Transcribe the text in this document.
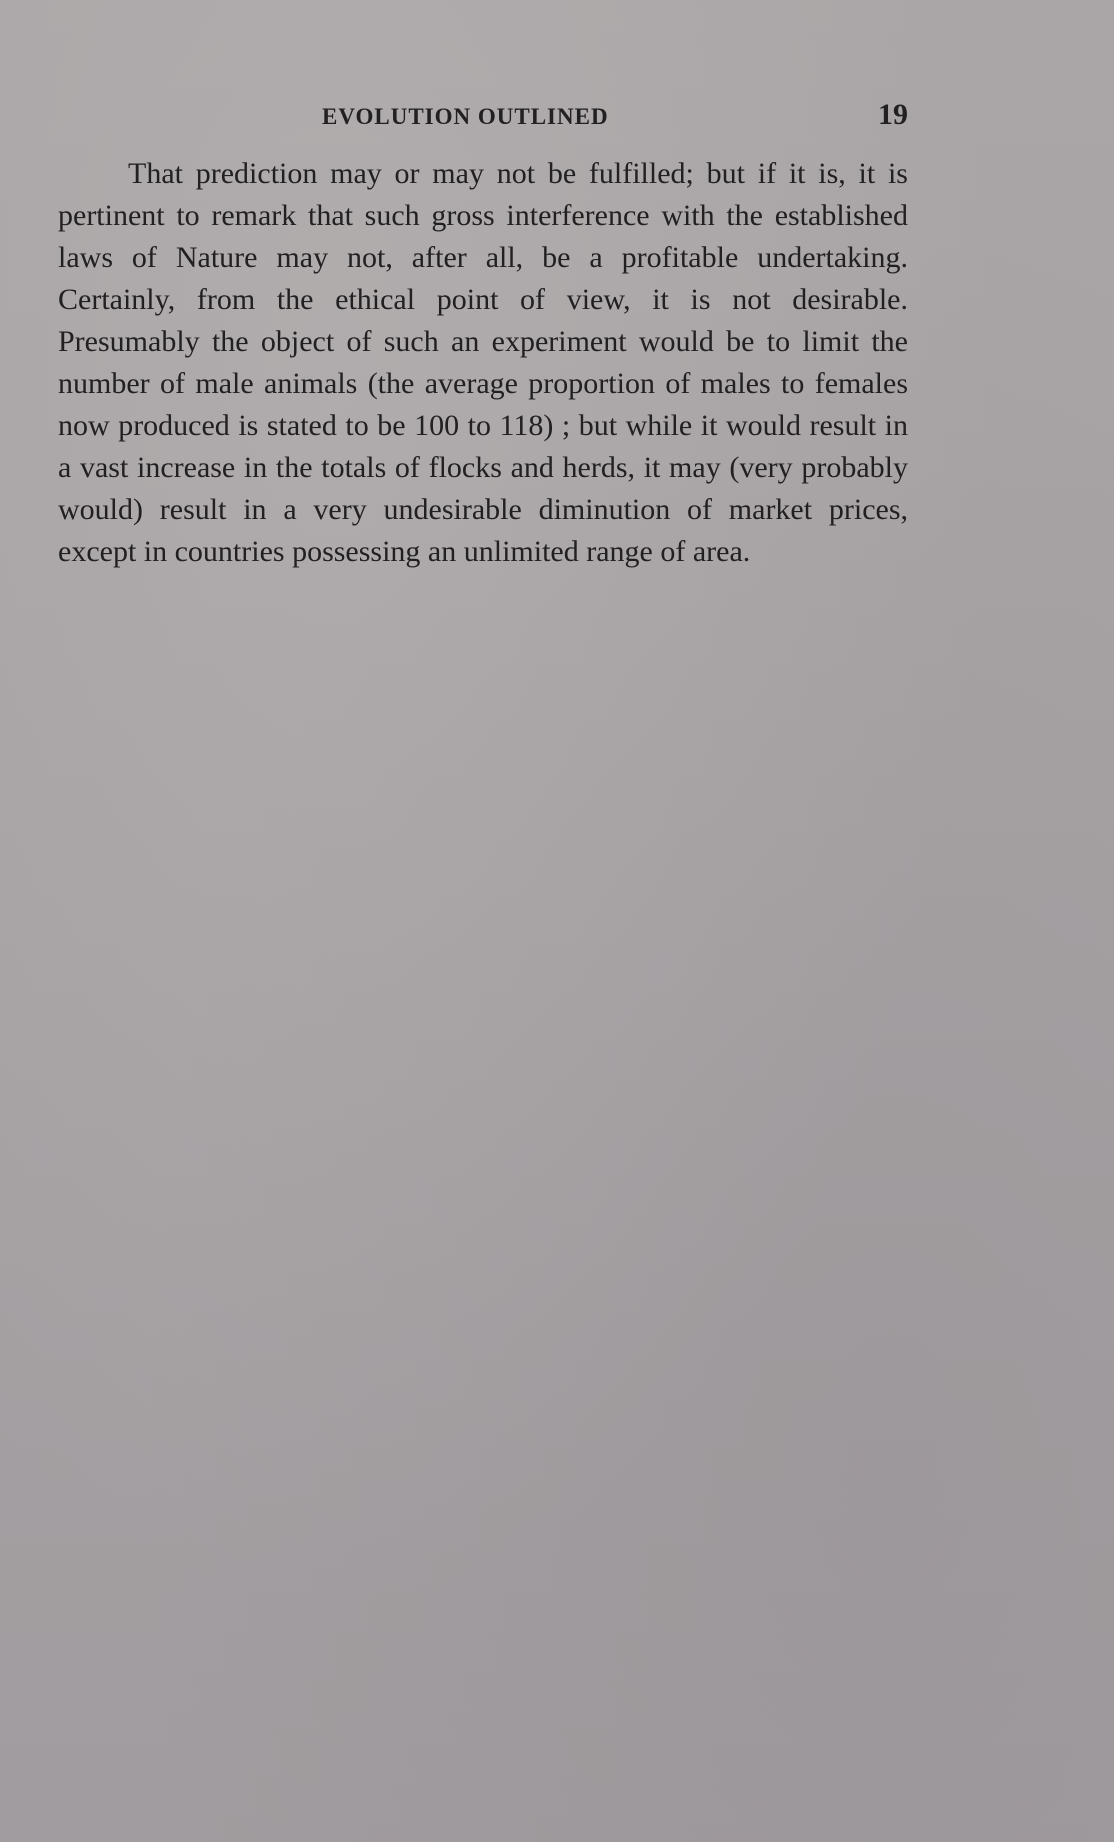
EVOLUTION OUTLINED	19

That prediction may or may not be fulfilled; but if it is, it is pertinent to remark that such gross interference with the established laws of Nature may not, after all, be a profitable undertaking. Certainly, from the ethical point of view, it is not desirable. Presumably the object of such an experiment would be to limit the number of male animals (the average proportion of males to females now produced is stated to be 100 to 118) ; but while it would result in a vast increase in the totals of flocks and herds, it may (very probably would) result in a very undesirable diminution of market prices, except in countries possessing an unlimited range of area.
